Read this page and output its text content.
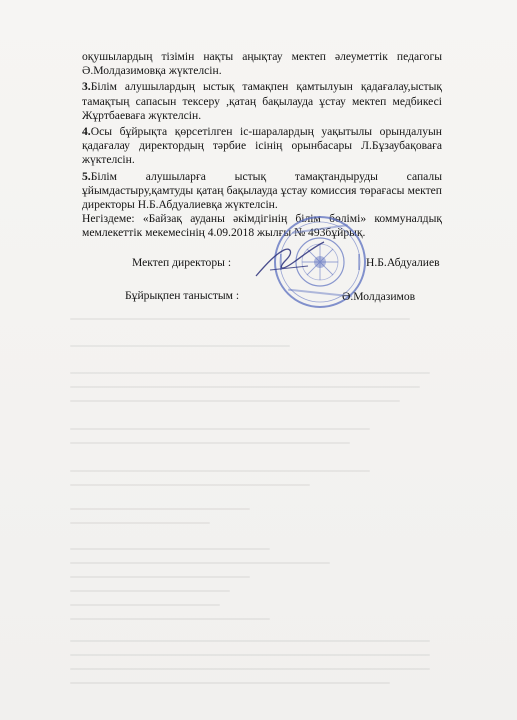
оқушылардың тізімін нақты аңықтау мектеп әлеуметтік педагогы

Ә.Молдазимовқа жүктелсін.

3.Білім алушылардың ыстық тамақпен қамтылуын қадағалау,ыстық тамақтың сапасын тексеру ,қатаң бақылауда ұстау мектеп медбикесі Жұртбаеваға жүктелсін.

4.Осы бұйрықта қөрсетілген іс-шаралардың уақытылы орындалуын қадағалау директордың тәрбие ісінің орынбасары Л.Бұзаубақоваға жүктелсін.

5.Білім алушыларға ыстық тамақтандыруды сапалы ұйымдастыру,қамтуды қатаң бақылауда ұстау комиссия төрағасы мектеп директоры Н.Б.Абдуалиевқа жүктелсін.

Негіздеме: «Байзақ ауданы әкімдігінің білім бөлімі» коммуналдық мемлекеттік мекемесінің 4.09.2018 жылғы № 493бұйрық.

Мектеп директоры :	Н.Б.Абдуалиев
Бұйрықпен таныстым :	Ә.Молдазимов
